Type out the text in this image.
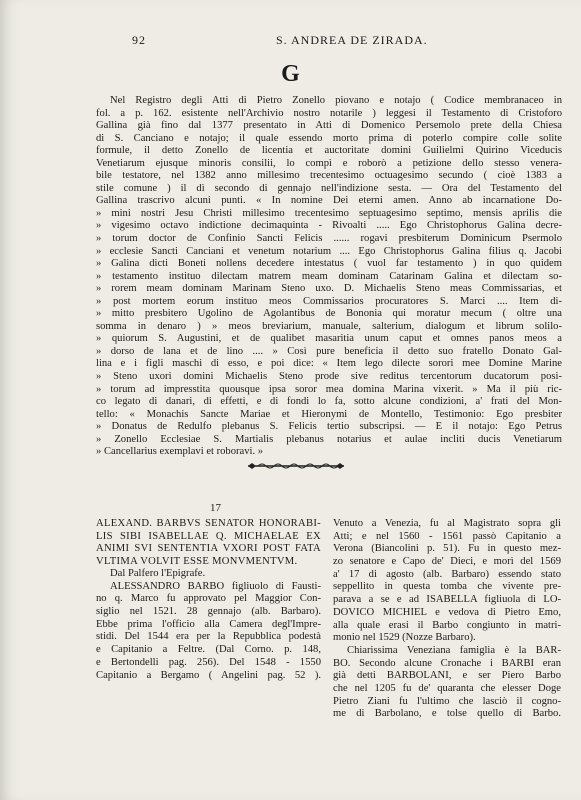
92	S. ANDREA DE ZIRADA.
G
Nel Registro degli Atti di Pietro Zonello piovano e notajo ( Codice membranaceo in
fol. a p. 162. esistente nell'Archivio nostro notarile ) leggesi il Testamento di Cristoforo
Gallina già fino dal 1377 presentato in Atti di Domenico Persemolo prete della Chiesa
di S. Canciano e notajo; il quale essendo morto prima di poterlo compire colle solite
formule, il detto Zonello de licentia et auctoritate domini Guilielmi Quirino Viceducis
Venetiarum ejusque minoris consilii, lo compì e roborò a petizione dello stesso venera-
bile testatore, nel 1382 anno millesimo trecentesimo octuagesimo secundo ( cioè 1383 a
stile comune ) il dì secondo di gennajo nell'indizione sesta. — Ora del Testamento del
Gallina trascrivo alcuni punti. « In nomine Dei eterni amen. Anno ab incarnatione Do-
» mini nostri Jesu Christi millesimo trecentesimo septuagesimo septimo, mensis aprilis die
» vigesimo octavo indictione decimaquinta - Rivoalti ..... Ego Christophorus Galina decre-
» torum doctor de Confinio Sancti Felicis ...... rogavi presbiterum Dominicum Psermolo
» ecclesie Sancti Canciani et venetum notarium .... Ego Christophorus Galina filius q. Jacobi
» Galina dicti Boneti nollens decedere intestatus ( vuol far testamento ) in quo quidem
» testamento instituo dilectam matrem meam dominam Catarinam Galina et dilectam so-
» rorem meam dominam Marinam Steno uxo. D. Michaelis Steno meas Commissarias, et
» post mortem eorum instituo meos Commissarios procuratores S. Marci .... Item di-
» mitto presbitero Ugolino de Agolantibus de Bononia qui moratur mecum ( oltre una
somma in denaro ) » meos breviarium, manuale, salterium, dialogum et librum solilo-
» quiorum S. Augustini, et de qualibet masaritia unum caput et omnes panos meos a
» dorso de lana et de lino .... » Così pure beneficia il detto suo fratello Donato Gal-
lina e i figli maschi di esso, e poi dice: « Item lego dilecte sorori mee Domine Marine
» Steno uxori domini Michaelis Steno prode sive reditus tercentorum ducatorum posi-
» torum ad impresstita quousque ipsa soror mea domina Marina vixerit. » Ma il più ric-
co legato di danari, di effetti, e di fondi lo fa, sotto alcune condizioni, a' frati del Mon-
tello: « Monachis Sancte Mariae et Hieronymi de Montello, Testimonio: Ego presbiter
» Donatus de Redulfo plebanus S. Felicis tertio subscripsi. — E il notajo: Ego Petrus
» Zonello Ecclesiae S. Martialis plebanus notarius et aulae incliti ducis Venetiarum
» Cancellarius exemplavi et roboravi. »
17
ALEXAND. BARBVS SENATOR HONORABI-
LIS SIBI ISABELLAE Q. MICHAELAE EX
ANIMI SVI SENTENTIA VXORI POST FATA
VLTIMA VOLVIT ESSE MONVMENTVM.
Dal Palfero l'Epigrafe.
ALESSANDRO BARBO figliuolo di Fausti-
no q. Marco fu approvato pel Maggior Con-
siglio nel 1521. 28 gennajo (alb. Barbaro).
Ebbe prima l'officio alla Camera degl'Impre-
stidi. Del 1544 era per la Repubblica podestà
e Capitanio a Feltre. (Dal Corno. p. 148,
e Bertondelli pag. 256). Del 1548 - 1550
Capitanio a Bergamo ( Angelini pag. 52 ).
Venuto a Venezia, fu al Magistrato sopra gli
Atti; e nel 1560 - 1561 passò Capitanio a
Verona (Biancolini p. 51). Fu in questo mez-
zo senatore e Capo de' Dieci, e morì del 1569
a' 17 di agosto (alb. Barbaro) essendo stato
seppellito in questa tomba che vivente pre-
parava a se e ad ISABELLA figliuola di LO-
DOVICO MICHIEL e vedova di Pietro Emo,
alla quale erasi il Barbo congiunto in matri-
monio nel 1529 (Nozze Barbaro).
Chiarissima Veneziana famiglia è la BAR-
BO. Secondo alcune Cronache i BARBI eran
già detti BARBOLANI, e ser Piero Barbo
che nel 1205 fu de' quaranta che elesser Doge
Pietro Ziani fu l'ultimo che lasciò il cogno-
me di Barbolano, e tolse quello di Barbo.
